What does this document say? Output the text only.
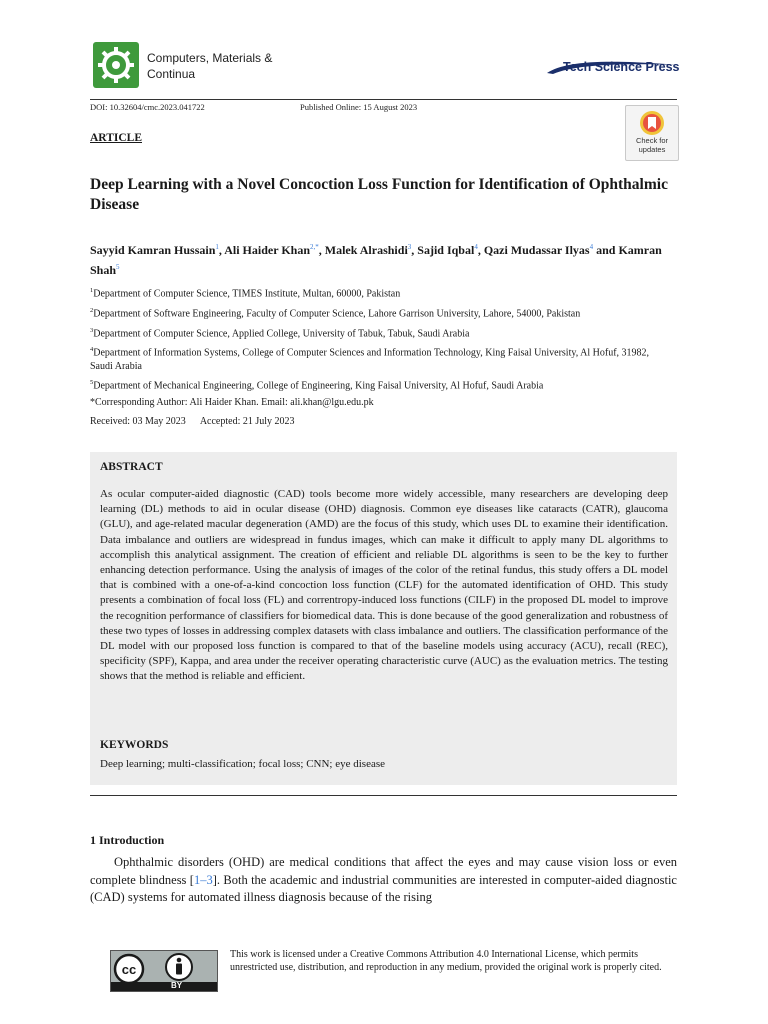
Computers, Materials &
Continua	Tech Science Press
DOI: 10.32604/cmc.2023.041722	Published Online: 15 August 2023
ARTICLE	Check for
updates
Deep Learning with a Novel Concoction Loss Function for Identification of Ophthalmic Disease
Sayyid Kamran Hussain$^1$, Ali Haider Khan$^{2,*}$, Malek Alrashidi$^3$, Sajid Iqbal$^4$, Qazi Mudassar Ilyas$^4$ and Kamran Shah$^5$
$^1$Department of Computer Science, TIMES Institute, Multan, 60000, Pakistan
$^2$Department of Software Engineering, Faculty of Computer Science, Lahore Garrison University, Lahore, 54000, Pakistan
$^3$Department of Computer Science, Applied College, University of Tabuk, Tabuk, Saudi Arabia
$^4$Department of Information Systems, College of Computer Sciences and Information Technology, King Faisal University, Al Hofuf, 31982, Saudi Arabia
$^5$Department of Mechanical Engineering, College of Engineering, King Faisal University, Al Hofuf, Saudi Arabia
*Corresponding Author: Ali Haider Khan. Email: ali.khan@lgu.edu.pk
Received: 03 May 2023 Accepted: 21 July 2023
ABSTRACT
As ocular computer-aided diagnostic (CAD) tools become more widely accessible, many researchers are developing deep learning (DL) methods to aid in ocular disease (OHD) diagnosis. Common eye diseases like cataracts (CATR), glaucoma (GLU), and age-related macular degeneration (AMD) are the focus of this study, which uses DL to examine their identification. Data imbalance and outliers are widespread in fundus images, which can make it difficult to apply many DL algorithms to accomplish this analytical assignment. The creation of efficient and reliable DL algorithms is seen to be the key to further enhancing detection performance. Using the analysis of images of the color of the retinal fundus, this study offers a DL model that is combined with a one-of-a-kind concoction loss function (CLF) for the automated identification of OHD. This study presents a combination of focal loss (FL) and correntropy-induced loss functions (CILF) in the proposed DL model to improve the recognition performance of classifiers for biomedical data. This is done because of the good generalization and robustness of these two types of losses in addressing complex datasets with class imbalance and outliers. The classification performance of the DL model with our proposed loss function is compared to that of the baseline models using accuracy (ACU), recall (REC), specificity (SPF), Kappa, and area under the receiver operating characteristic curve (AUC) as the evaluation metrics. The testing shows that the method is reliable and efficient.
KEYWORDS
Deep learning; multi-classification; focal loss; CNN; eye disease
1 Introduction
Ophthalmic disorders (OHD) are medical conditions that affect the eyes and may cause vision loss or even complete blindness [1–3]. Both the academic and industrial communities are interested in computer-aided diagnostic (CAD) systems for automated illness diagnosis because of the rising
cc
BY
This work is licensed under a Creative Commons Attribution 4.0 International License, which permits unrestricted use, distribution, and reproduction in any medium, provided the original work is properly cited.
